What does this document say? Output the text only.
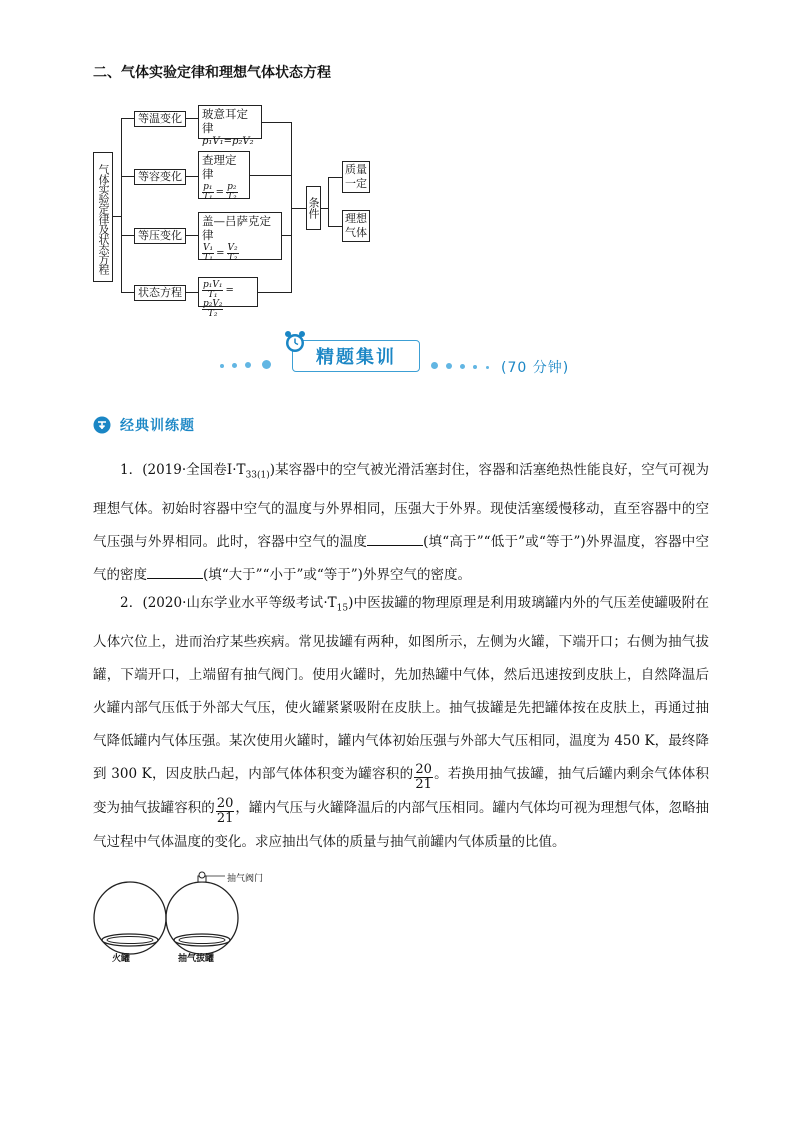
二、气体实验定律和理想气体状态方程
气体实验定律及状态方程
等温变化
等容变化
等压变化
状态方程
玻意耳定律
p₁V₁=p₂V₂
查理定律
$\frac{\text{p₁}}{\text{T₁}} = \frac{\text{p₂}}{\text{T₂}}$
盖—吕萨克定律
$\frac{\text{V₁}}{\text{T₁}} = \frac{\text{V₂}}{\text{T₂}}$
$\frac{\text{p₁V₁}}{\text{T₁}}$ =
$\frac{\text{p₂V₂}}{\text{T₂}}$
条件
质量一定
理想气体
精题集训	(70 分钟)
经典训练题
1．(2019·全国卷$Ⅰ\cdot T_{33(1)}$)某容器中的空气被光滑活塞封住，容器和活塞绝热性能良好，空气可视为理想气体。初始时容器中空气的温度与外界相同，压强大于外界。现使活塞缓慢移动，直至容器中的空气压强与外界相同。此时，容器中空气的温度	(填“高于”“低于”或“等于”)外界温度，容器中空气的密度	(填“大于”“小于”或“等于”)外界空气的密度。
2．(2020·山东学业水平等级考试$\cdot T_{15}$)中医拔罐的物理原理是利用玻璃罐内外的气压差使罐吸附在人体穴位上，进而治疗某些疾病。常见拔罐有两种，如图所示，左侧为火罐，下端开口；右侧为抽气拔罐，下端开口，上端留有抽气阀门。使用火罐时，先加热罐中气体，然后迅速按到皮肤上，自然降温后火罐内部气压低于外部大气压，使火罐紧紧吸附在皮肤上。抽气拔罐是先把罐体按在皮肤上，再通过抽气降低罐内气体压强。某次使用火罐时，罐内气体初始压强与外部大气压相同，温度为 450 K，最终降到 300 K，因皮肤凸起，内部气体体积变为罐容积的 $\frac{20}{21}$ 。若换用抽气拔罐，抽气后罐内剩余气体体积变为抽气拔罐容积的 $\frac{20}{21}$ ，罐内气压与火罐降温后的内部气压相同。罐内气体均可视为理想气体，忽略抽气过程中气体温度的变化。求应抽出气体的质量与抽气前罐内气体质量的比值。
火罐	抽气拔罐
抽气阀门
